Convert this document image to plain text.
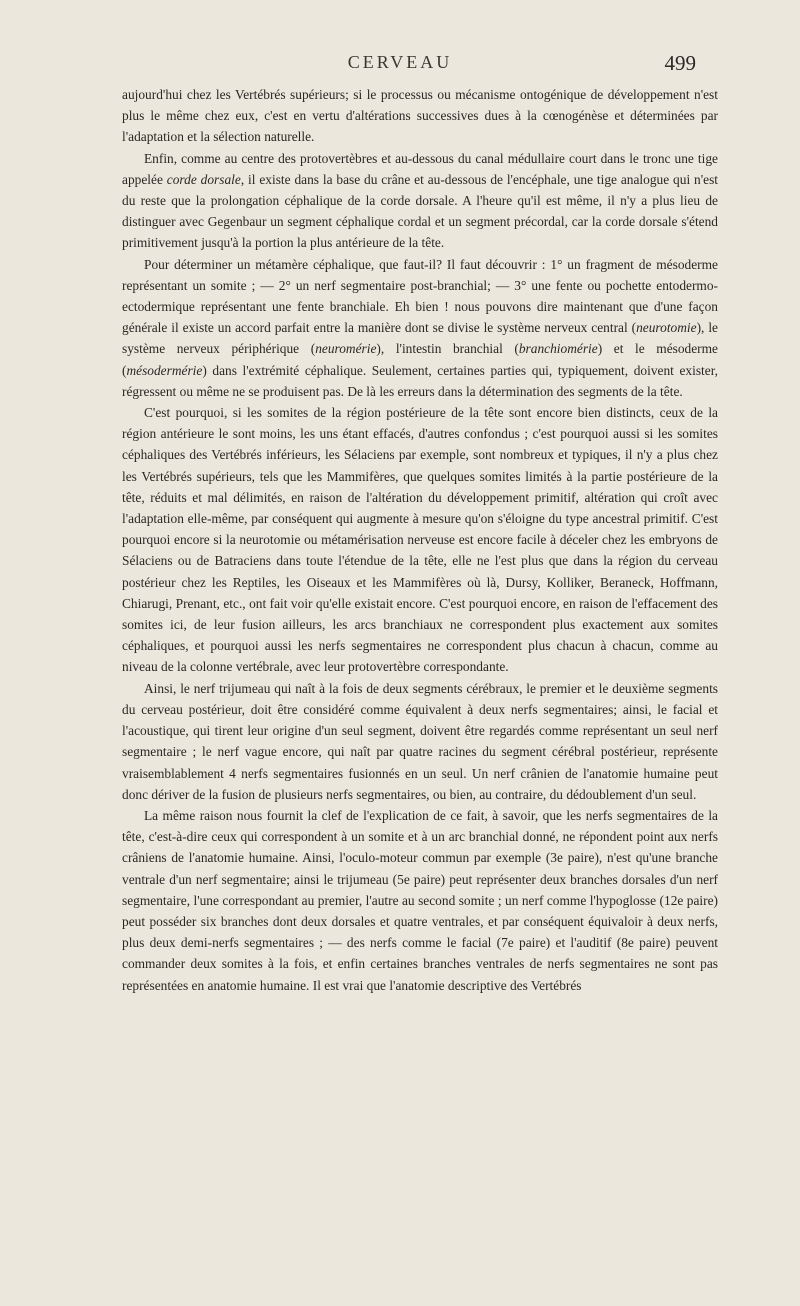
CERVEAU	499

aujourd'hui chez les Vertébrés supérieurs; si le processus ou mécanisme ontogénique de développement n'est plus le même chez eux, c'est en vertu d'altérations successives dues à la cœnogénèse et déterminées par l'adaptation et la sélection naturelle.

Enfin, comme au centre des protovertèbres et au-dessous du canal médullaire court dans le tronc une tige appelée corde dorsale, il existe dans la base du crâne et au-dessous de l'encéphale, une tige analogue qui n'est du reste que la prolongation céphalique de la corde dorsale. A l'heure qu'il est même, il n'y a plus lieu de distinguer avec Gegenbaur un segment céphalique cordal et un segment précordal, car la corde dorsale s'étend primitivement jusqu'à la portion la plus antérieure de la tête.

Pour déterminer un métamère céphalique, que faut-il? Il faut découvrir : 1° un fragment de mésoderme représentant un somite ; — 2° un nerf segmentaire post-branchial; — 3° une fente ou pochette entodermo-ectodermique représentant une fente branchiale. Eh bien ! nous pouvons dire maintenant que d'une façon générale il existe un accord parfait entre la manière dont se divise le système nerveux central (neurotomie), le système nerveux périphérique (neuromérie), l'intestin branchial (branchiomérie) et le mésoderme (mésodermérie) dans l'extrémité céphalique. Seulement, certaines parties qui, typiquement, doivent exister, régressent ou même ne se produisent pas. De là les erreurs dans la détermination des segments de la tête.

C'est pourquoi, si les somites de la région postérieure de la tête sont encore bien distincts, ceux de la région antérieure le sont moins, les uns étant effacés, d'autres confondus ; c'est pourquoi aussi si les somites céphaliques des Vertébrés inférieurs, les Sélaciens par exemple, sont nombreux et typiques, il n'y a plus chez les Vertébrés supérieurs, tels que les Mammifères, que quelques somites limités à la partie postérieure de la tête, réduits et mal délimités, en raison de l'altération du développement primitif, altération qui croît avec l'adaptation elle-même, par conséquent qui augmente à mesure qu'on s'éloigne du type ancestral primitif. C'est pourquoi encore si la neurotomie ou métamérisation nerveuse est encore facile à déceler chez les embryons de Sélaciens ou de Batraciens dans toute l'étendue de la tête, elle ne l'est plus que dans la région du cerveau postérieur chez les Reptiles, les Oiseaux et les Mammifères où là, Dursy, Kolliker, Beraneck, Hoffmann, Chiarugi, Prenant, etc., ont fait voir qu'elle existait encore. C'est pourquoi encore, en raison de l'effacement des somites ici, de leur fusion ailleurs, les arcs branchiaux ne correspondent plus exactement aux somites céphaliques, et pourquoi aussi les nerfs segmentaires ne correspondent plus chacun à chacun, comme au niveau de la colonne vertébrale, avec leur protovertèbre correspondante.

Ainsi, le nerf trijumeau qui naît à la fois de deux segments cérébraux, le premier et le deuxième segments du cerveau postérieur, doit être considéré comme équivalent à deux nerfs segmentaires; ainsi, le facial et l'acoustique, qui tirent leur origine d'un seul segment, doivent être regardés comme représentant un seul nerf segmentaire ; le nerf vague encore, qui naît par quatre racines du segment cérébral postérieur, représente vraisemblablement 4 nerfs segmentaires fusionnés en un seul. Un nerf crânien de l'anatomie humaine peut donc dériver de la fusion de plusieurs nerfs segmentaires, ou bien, au contraire, du dédoublement d'un seul.

La même raison nous fournit la clef de l'explication de ce fait, à savoir, que les nerfs segmentaires de la tête, c'est-à-dire ceux qui correspondent à un somite et à un arc branchial donné, ne répondent point aux nerfs crâniens de l'anatomie humaine. Ainsi, l'oculo-moteur commun par exemple (3e paire), n'est qu'une branche ventrale d'un nerf segmentaire; ainsi le trijumeau (5e paire) peut représenter deux branches dorsales d'un nerf segmentaire, l'une correspondant au premier, l'autre au second somite ; un nerf comme l'hypoglosse (12e paire) peut posséder six branches dont deux dorsales et quatre ventrales, et par conséquent équivaloir à deux nerfs, plus deux demi-nerfs segmentaires ; — des nerfs comme le facial (7e paire) et l'auditif (8e paire) peuvent commander deux somites à la fois, et enfin certaines branches ventrales de nerfs segmentaires ne sont pas représentées en anatomie humaine. Il est vrai que l'anatomie descriptive des Vertébrés
